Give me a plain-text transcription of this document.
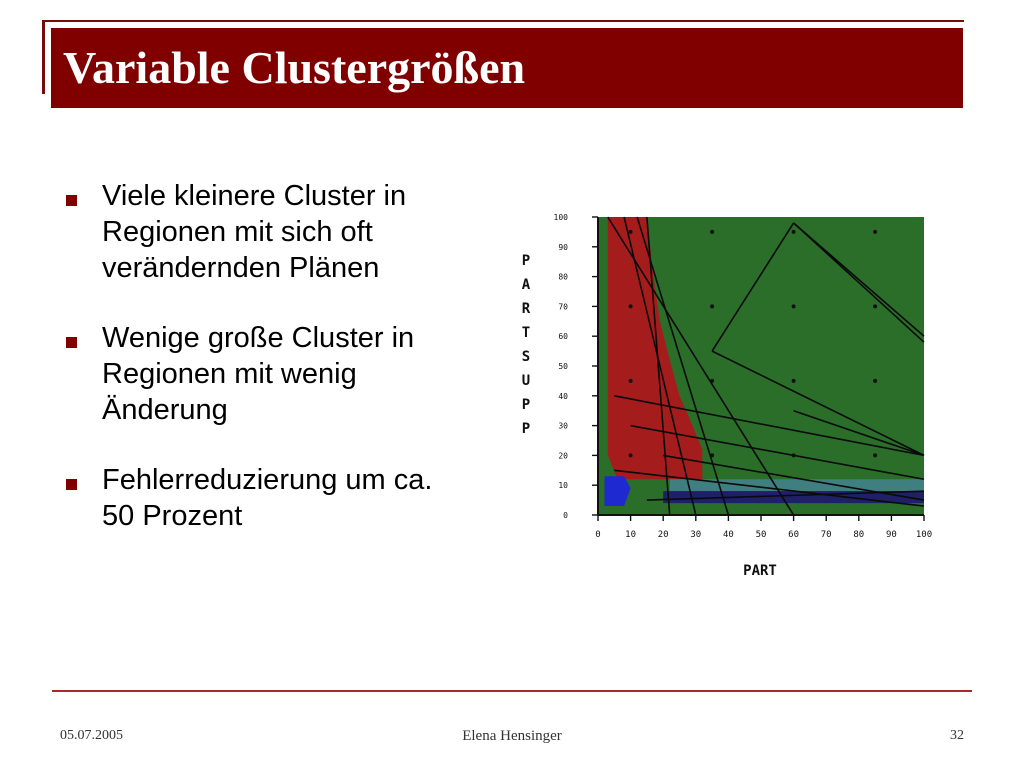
Variable Clustergrößen
Viele kleinere Cluster in
Regionen mit sich oft
verändernden Plänen
Wenige große Cluster in
Regionen mit wenig
Änderung
Fehlerreduzierung um ca.
50 Prozent
0	10 20 30 40 50 60 70 80 90 100
0
10
20
30
40
50
60
70
80
90
100
PART
P A R T S U P P
05.07.2005	Elena Hensinger	32
